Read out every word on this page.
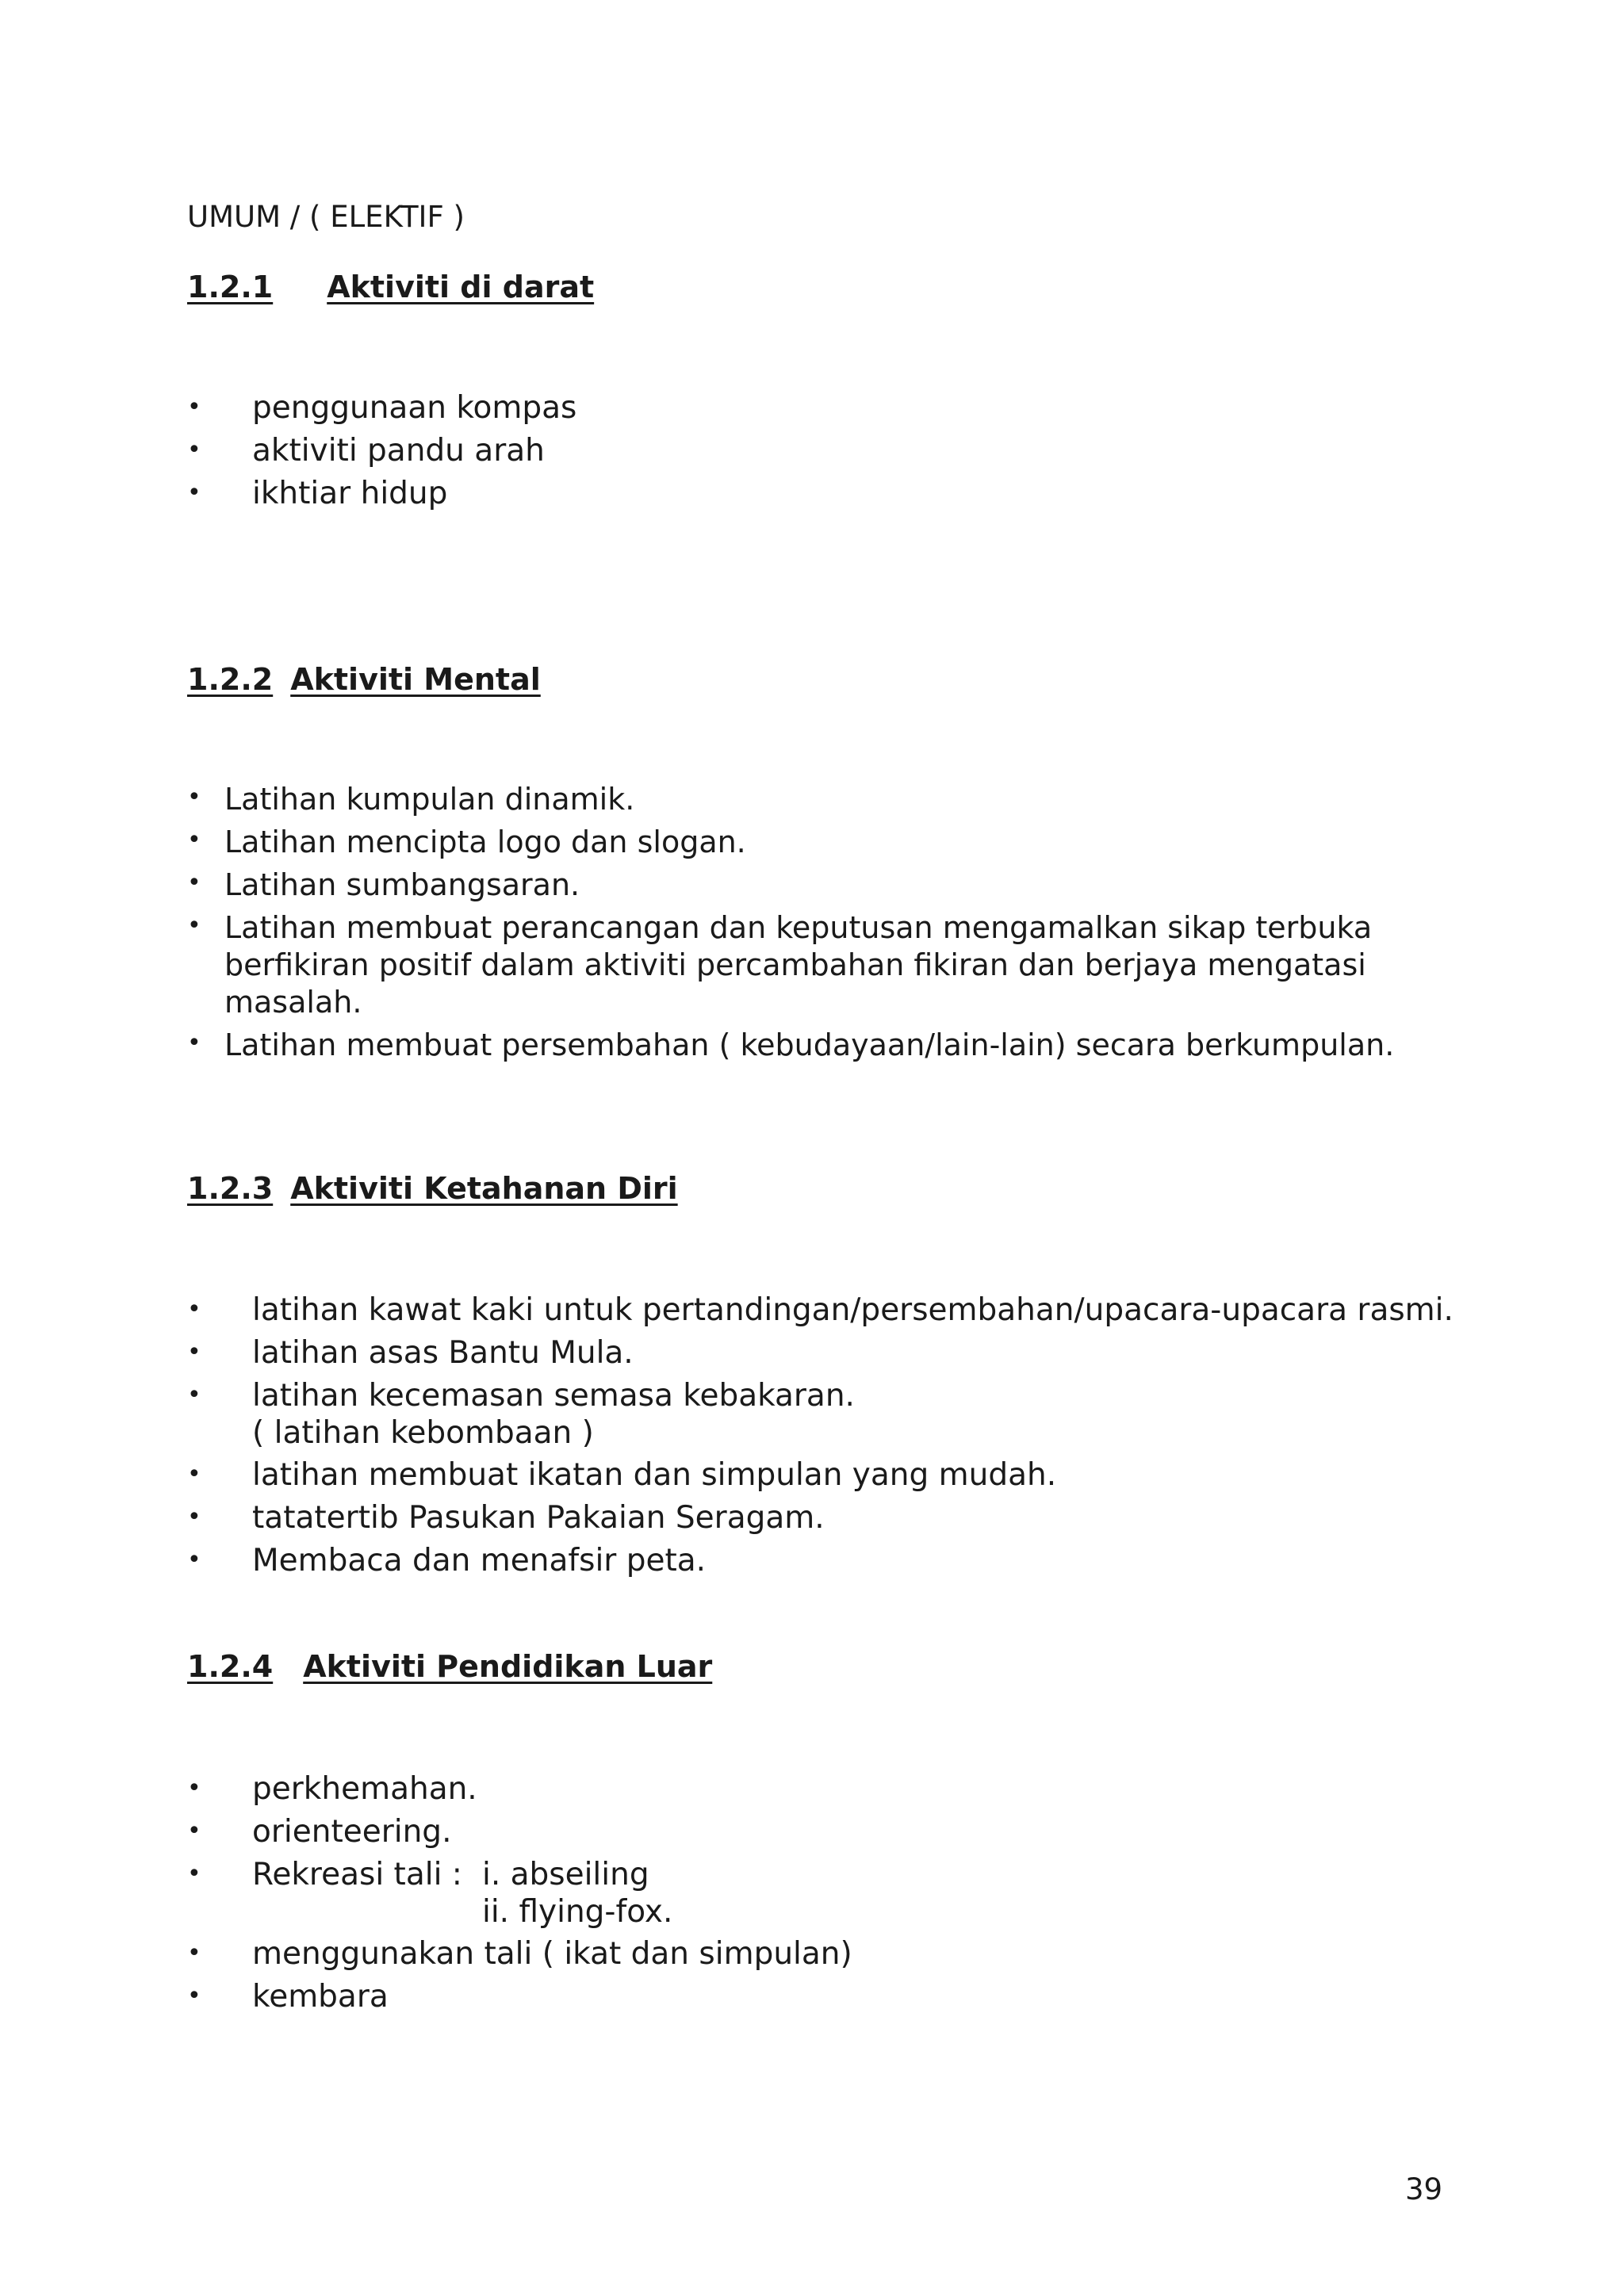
UMUM / ( ELEKTIF )
1.2.1 Aktiviti di darat
• penggunaan kompas
• aktiviti pandu arah
• ikhtiar hidup
1.2.2 Aktiviti Mental
• Latihan kumpulan dinamik.
• Latihan mencipta logo dan slogan.
• Latihan sumbangsaran.
• Latihan membuat perancangan dan keputusan mengamalkan sikap terbuka
berfikiran positif dalam aktiviti percambahan fikiran dan berjaya mengatasi
masalah.
• Latihan membuat persembahan ( kebudayaan/lain-lain) secara berkumpulan.
1.2.3 Aktiviti Ketahanan Diri
• latihan kawat kaki untuk pertandingan/persembahan/upacara-upacara rasmi.
• latihan asas Bantu Mula.
• latihan kecemasan semasa kebakaran.
( latihan kebombaan )
• latihan membuat ikatan dan simpulan yang mudah.
• tatatertib Pasukan Pakaian Seragam.
• Membaca dan menafsir peta.
1.2.4 Aktiviti Pendidikan Luar
• perkhemahan.
• orienteering.
• Rekreasi tali : i. abseiling
ii. flying-fox.
• menggunakan tali ( ikat dan simpulan)
• kembara
39
